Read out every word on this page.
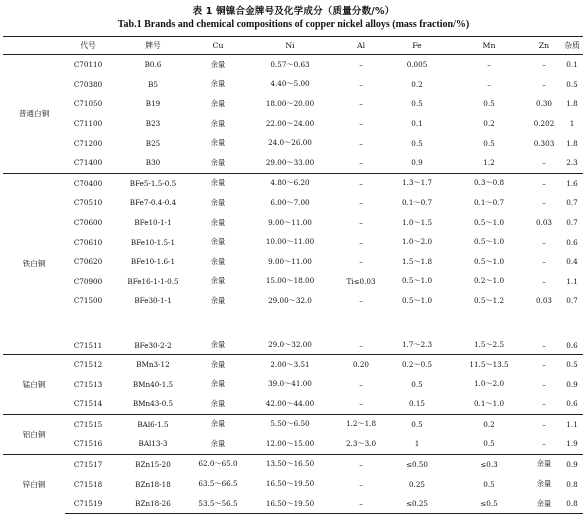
表 1 铜镍合金牌号及化学成分（质量分数/%）
Tab.1 Brands and chemical compositions of copper nickel alloys (mass fraction/%)
	代号	牌号	Cu	Ni	Al	Fe	Mn	Zn	杂质
普通白铜	C70110	B0.6	余量	0.57～0.63	–	0.005	–	–	0.1
	C70380	B5	余量	4.40～5.00	–	0.2	–	–	0.5
	C71050	B19	余量	18.00～20.00	–	0.5	0.5	0.30	1.8
	C71100	B23	余量	22.00～24.00	–	0.1	0.2	0.202	1
	C71200	B25	余量	24.0～26.00	–	0.5	0.5	0.303	1.8
	C71400	B30	余量	29.00～33.00	–	0.9	1.2	–	2.3
铁白铜	C70400	BFe5-1.5-0.5	余量	4.80～6.20	–	1.3～1.7	0.3～0.8	–	1.6
	C70510	BFe7-0.4-0.4	余量	6.00～7.00	–	0.1～0.7	0.1～0.7	–	0.7
	C70600	BFe10-1-1	余量	9.00～11.00	–	1.0～1.5	0.5～1.0	0.03	0.7
	C70610	BFe10-1.5-1	余量	10.00～11.00	–	1.0～2.0	0.5～1.0	–	0.6
	C70620	BFe10-1.6-1	余量	9.00～11.00	–	1.5～1.8	0.5～1.0	–	0.4
	C70900	BFe16-1-1-0.5	余量	15.00～18.00	Ti≤0.03	0.5～1.0	0.2～1.0	–	1.1
	C71500	BFe30-1-1	余量	29.00～32.0	–	0.5～1.0	0.5～1.2	0.03	0.7
	C71511	BFe30-2-2	余量	29.0～32.00	–	1.7～2.3	1.5～2.5	–	0.6
锰白铜	C71512	BMn3-12	余量	2.00～3.51	0.20	0.2～0.5	11.5～13.5	–	0.5
	C71513	BMn40-1.5	余量	39.0～41.00	–	0.5	1.0～2.0	–	0.9
	C71514	BMn43-0.5	余量	42.00～44.00	–	0.15	0.1～1.0	–	0.6
铝白铜	C71515	BAl6-1.5	余量	5.50～6.50	1.2～1.8	0.5	0.2	–	1.1
	C71516	BAl13-3	余量	12.00～15.00	2.3～3.0	1	0.5	–	1.9
锌白铜	C71517	BZn15-20	62.0～65.0	13.50～16.50	–	≤0.50	≤0.3	余量	0.9
	C71518	BZn18-18	63.5～66.5	16.50～19.50	–	0.25	0.5	余量	0.8
	C71519	BZn18-26	53.5～56.5	16.50～19.50	–	≤0.25	≤0.5	余量	0.8
